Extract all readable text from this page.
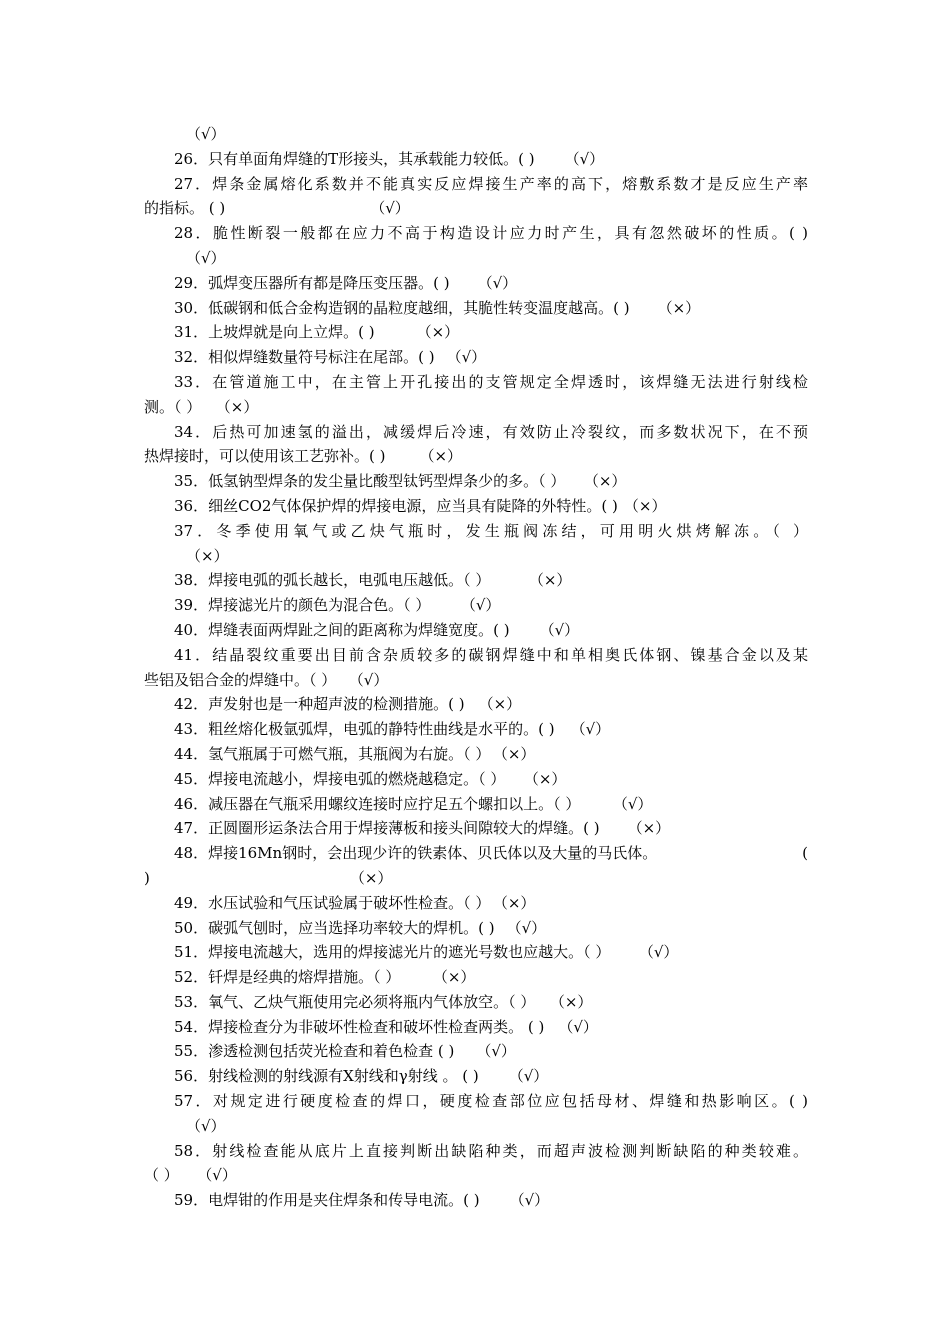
（√）
26．只有单面角焊缝的T形接头，其承载能力较低。( ) （√）
27．焊条金属熔化系数并不能真实反应焊接生产率的高下，熔敷系数才是反应生产率
的指标。 ( )	（√）
28．脆性断裂一般都在应力不高于构造设计应力时产生，具有忽然破坏的性质。( )
（√）
29．弧焊变压器所有都是降压变压器。( ) （√）
30．低碳钢和低合金构造钢的晶粒度越细，其脆性转变温度越高。( ) （×）
31．上坡焊就是向上立焊。( )	（×）
32．相似焊缝数量符号标注在尾部。( ) （√）
33．在管道施工中，在主管上开孔接出的支管规定全焊透时，该焊缝无法进行射线检
测。（ ） （×）
34．后热可加速氢的溢出，减缓焊后冷速，有效防止冷裂纹，而多数状况下，在不预
热焊接时，可以使用该工艺弥补。( ) （×）
35．低氢钠型焊条的发尘量比酸型钛钙型焊条少的多。（ ） （×）
36．细丝CO2气体保护焊的焊接电源，应当具有陡降的外特性。( ) （×）
37．冬季使用氧气或乙炔气瓶时，发生瓶阀冻结，可用明火烘烤解冻。（ ）
（×）
38．焊接电弧的弧长越长，电弧电压越低。（ ）	（×）
39．焊接滤光片的颜色为混合色。（ ）	（√）
40．焊缝表面两焊趾之间的距离称为焊缝宽度。( ) （√）
41．结晶裂纹重要出目前含杂质较多的碳钢焊缝中和单相奥氏体钢、镍基合金以及某
些铝及铝合金的焊缝中。（ ） （√）
42．声发射也是一种超声波的检测措施。( ) （×）
43．粗丝熔化极氩弧焊，电弧的静特性曲线是水平的。( ) （√）
44．氢气瓶属于可燃气瓶，其瓶阀为右旋。（ ） （×）
45．焊接电流越小，焊接电弧的燃烧越稳定。（ ） （×）
46．减压器在气瓶采用螺纹连接时应拧足五个螺扣以上。（ ）	（√）
47．正圆圈形运条法合用于焊接薄板和接头间隙较大的焊缝。( ) （×）
48．焊接16Mn钢时，会出现少许的铁素体、贝氏体以及大量的马氏体。	(
)	（×）
49．水压试验和气压试验属于破坏性检查。（ ） （×）
50．碳弧气刨时，应当选择功率较大的焊机。( ) （√）
51．焊接电流越大，选用的焊接滤光片的遮光号数也应越大。（ ） （√）
52．钎焊是经典的熔焊措施。（ ）	（×）
53．氧气、乙炔气瓶使用完必须将瓶内气体放空。（ ） （×）
54．焊接检查分为非破坏性检查和破坏性检查两类。 ( ) （√）
55．渗透检测包括荧光检查和着色检查 ( ) （√）
56．射线检测的射线源有X射线和γ射线 。 ( ) （√）
57．对规定进行硬度检查的焊口，硬度检查部位应包括母材、焊缝和热影响区。( )
（√）
58．射线检查能从底片上直接判断出缺陷种类，而超声波检测判断缺陷的种类较难。
（ ） （√）
59．电焊钳的作用是夹住焊条和传导电流。( ) （√）
